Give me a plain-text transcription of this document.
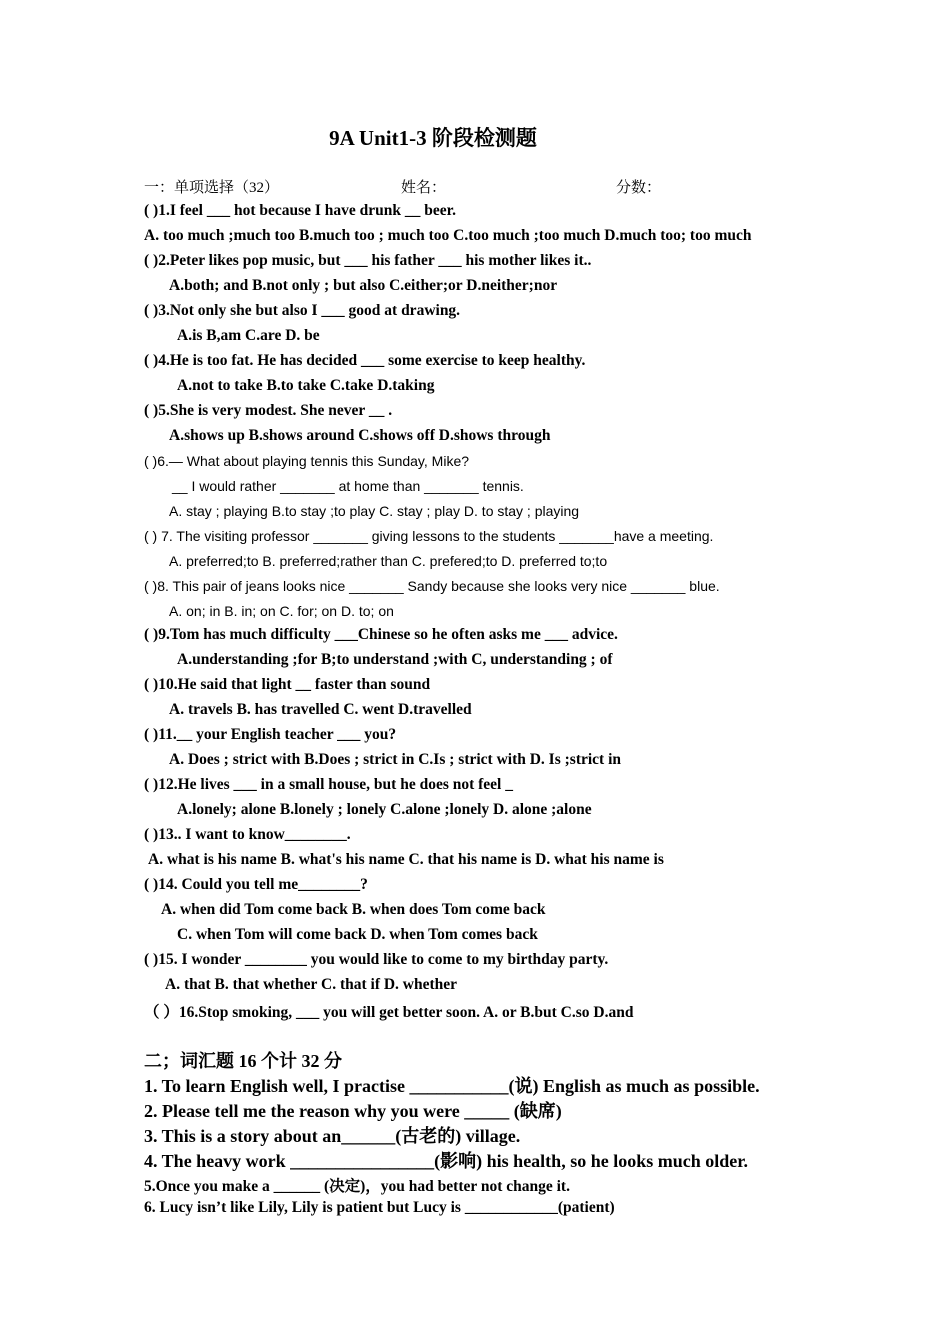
9A Unit1-3 阶段检测题
一：单项选择（32）	姓名：	分数：
( )1.I feel ___ hot because I have drunk __ beer.
A. too much ;much too B.much too ; much too C.too much ;too much D.much too; too much
( )2.Peter likes pop music, but ___ his father ___ his mother likes it..
A.both; and B.not only ; but also C.either;or D.neither;nor
( )3.Not only she but also I ___ good at drawing.
A.is B,am C.are D. be
( )4.He is too fat. He has decided ___ some exercise to keep healthy.
A.not to take B.to take C.take D.taking
( )5.She is very modest. She never __ .
A.shows up B.shows around C.shows off D.shows through
( )6.— What about playing tennis this Sunday, Mike?
__ I would rather _______ at home than _______ tennis.
A. stay ; playing B.to stay ;to play C. stay ; play D. to stay ; playing
( ) 7. The visiting professor _______ giving lessons to the students _______have a meeting.
A. preferred;to B. preferred;rather than C. prefered;to D. preferred to;to
( )8. This pair of jeans looks nice _______ Sandy because she looks very nice _______ blue.
A. on; in B. in; on C. for; on D. to; on
( )9.Tom has much difficulty ___Chinese so he often asks me ___ advice.
A.understanding ;for B;to understand ;with C, understanding ; of
( )10.He said that light __ faster than sound
A. travels B. has travelled C. went D.travelled
( )11.__ your English teacher ___ you?
A. Does ; strict with B.Does ; strict in C.Is ; strict with D. Is ;strict in
( )12.He lives ___ in a small house, but he does not feel _
A.lonely; alone B.lonely ; lonely C.alone ;lonely D. alone ;alone
( )13.. I want to know________.
A. what is his name B. what's his name C. that his name is D. what his name is
( )14. Could you tell me________?
A. when did Tom come back B. when does Tom come back
C. when Tom will come back D. when Tom comes back
( )15. I wonder ________ you would like to come to my birthday party.
A. that B. that whether C. that if D. whether
（ ）16.Stop smoking, ___ you will get better soon. A. or B.but C.so D.and
二；词汇题 16 个计 32 分
1. To learn English well, I practise ___________(说) English as much as possible.
2. Please tell me the reason why you were _____ (缺席)
3. This is a story about an______(古老的) village.
4. The heavy work ________________(影响) his health, so he looks much older.
5.Once you make a ______ (决定)，you had better not change it.
6. Lucy isn’t like Lily, Lily is patient but Lucy is ____________(patient)
